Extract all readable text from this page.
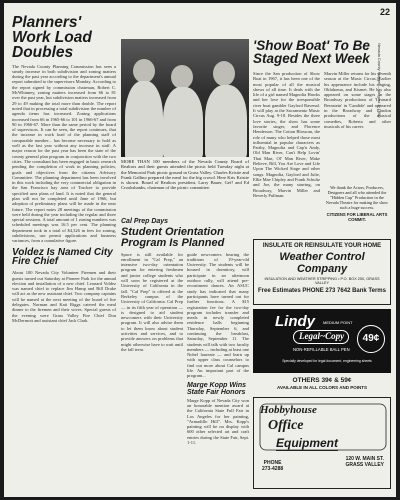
22
Nevada County Nugget — August 1, 1990
Planners' Work Load Doubles
The Nevada County Planning Commission has seen a steady increase in both subdivision and zoning matters during the past year according to the department's annual report submitted to the supervisors Monday. According to the report signed by commission chairman, Robert C. McWhinney, zoning matters increased from 66 to 81 over the past year, but subdivision matters increased from 29 to 49 making the total more than double. The report noted that in processing a total subdivision the number of agenda items has increased. Zoning applications increased from 66 in 1965-66 to 101 in 1966-67 and from 90 in 1966-67. More than the same period by the board of supervisors. It can be seen, the report continues, that the increase in work load of the planning staff of comparable number... has become necessary to hold as well as the last year without any increase in staff. A major reason for the past year has been the state of the county general plan program in conjunction with the two cities. The consultant has been engaged in basic research pending the completion of work in planning policies, goals and objectives from the citizens Advisory Committee. The planning department has been involved in this work including the very commercial obligation in the San Francisco bay area of Truckee to provide specified area plans of land. It is noted that the general plan will not be completed until June of 1966, but adoption of preliminary plans will be made in the near future. The report notes 28 meetings of the commission were held during the year including the regular and three special sessions. A total amount of 1 zoning numbers was scheduled meetings was 16.5 per cent. The planning department took in a total of $4,326 in fees for zoning, subdivisions, use permit applications and business variances, from a cumulative figure.
Voldez Is Named City Fire Chief
About 100 Nevada City Volunteer Firemen and their guests turned out Saturday at Pioneer Park for the annual election and installation of a new chief. Leonard Voldez was named chief to replace Jim Hamp and Bill Drake will act as the new assistant chief. Two company captains will be named at the next meeting of the board of fire delegates. Norman and Kati Riggs catered the meal dinner to the firemen and their wives. Special guests of the evening were Grass Valley Fire Chief Don McDermott and assistant chief Jack Clark.
MORE THAN 100 members of the Nevada County Board of Realtors and their guests attended the picnic held Tuesday night at the Memorial Park picnic ground in Grass Valley. Charles Kristie and Frank Gallino prepared the meal for the big crowd. Here Kris Kristie is shown. Board of Realtors president, Larry Bauer, Gef! and Ed Crookshanks, chairman of the picnic committee.
Cal Prep Days
Student Orientation Program Is Planned
Space is still available for enrollment in "Cal Prep," an intensive two-day orientation program for entering freshmen and junior college students who will soon be registered at the University of California in the fall. "Cal Prep" is offered at the Berkeley campus of the University of California. Cal Prep — in its fifth year of operation — is designed to aid student newcomers with their University program. It will also advise them to let them know about student activities and services, and to provide answers on problems that might otherwise have to wait until the fall term.
guide newcomers bearing the traditions of 19-year-old University. The students will be housed in dormitory, will participate in an afternoon outdoor rally, will attend pre-recruitment dances. An ASUC study has indicated that many participants have turned out for further functions. A $15 registration fee for the two-day program includes transfer and meals in newly completed residence halls beginning Thursday, September 6, and continuing the breakfast, Saturday, September 11. The students will talk with two faculty members — including at least one Nobel laureate — and learn up with upper class counselors to find out more about Cal campus life. An important part of the program...
Marge Kopp Wins State Fair Honors
Marge Kopp of Nevada City won an honorable mention award at the California State Full Fair in Los Angeles for her painting, "Armadillo Hill". Mrs. Kopp's painting will be on display with 600 other selected art and craft entries during the State Fair, Sept. 1-11.
'Show Boat' To Be Staged Next Week
Since the San production of Show Boat in 1967, it has been one of the most popular of all the musical shows of all time. It deals with the life of a girl named Magnolia Hawks and her love for the irresponsible river boat gambler Gaylord Ravenal. It will play at the Sacramento Music Circus Aug. 9-18. Besides the three love stories, the show has some favorite singer, and Florence Henderson. The Cotton Blossom, the role of many who helped those most influential in popular characters as Parthy, Magnolia and Cap'n Andy, Old Man River, Can't Help Lovin' That Man, Ol' Man River, Make Believe, Bill, You Are Love and Life Upon The Wicked Stage and other songs. Magnolia, Gaylord and Julie, Ellie Mae Chipley and Frank Schultz and Joe, the many starring, on Broadway, Marvin Miller and Beverly Pullman.
Marvin Miller returns for his seventh season at the Music Circus. Earlier his appearance include his singing, Oklahoma, and Kismet. He has also appeared on some stages in the Broadway productions of 'Leonard Bernstein' in 'Candide' and appeared in the Broadway and London productions of the musical comedies, Roberta and other musicals of his career.
We thank the Actors, Producers, Designers and all who attended the "Hidden Cup" Production in the Nevada Theatre for making the show such a huge success.
CITIZENS FOR LIBERAL ARTS COMMIT.
INSULATE OR REINSULATE YOUR HOME
Weather Control Company
INSULATION AND WEATHER STRIPPING • P.O. BOX 250, GRASS VALLEY
Free Estimates PHONE 273 7642 Bank Terms
Lindy MEDIUM POINT
Legal~Copy
NON-REFILLABLE BALL PEN
49¢
Specially developed for legal document, engineering sheets
OTHERS 39¢ & 59¢
AVAILABLE IN ALL COLORS AND POINTS
Hobbyhouse
Office
Equipment
PHONE
273-4288
120 W. MAIN ST.
GRASS VALLEY
